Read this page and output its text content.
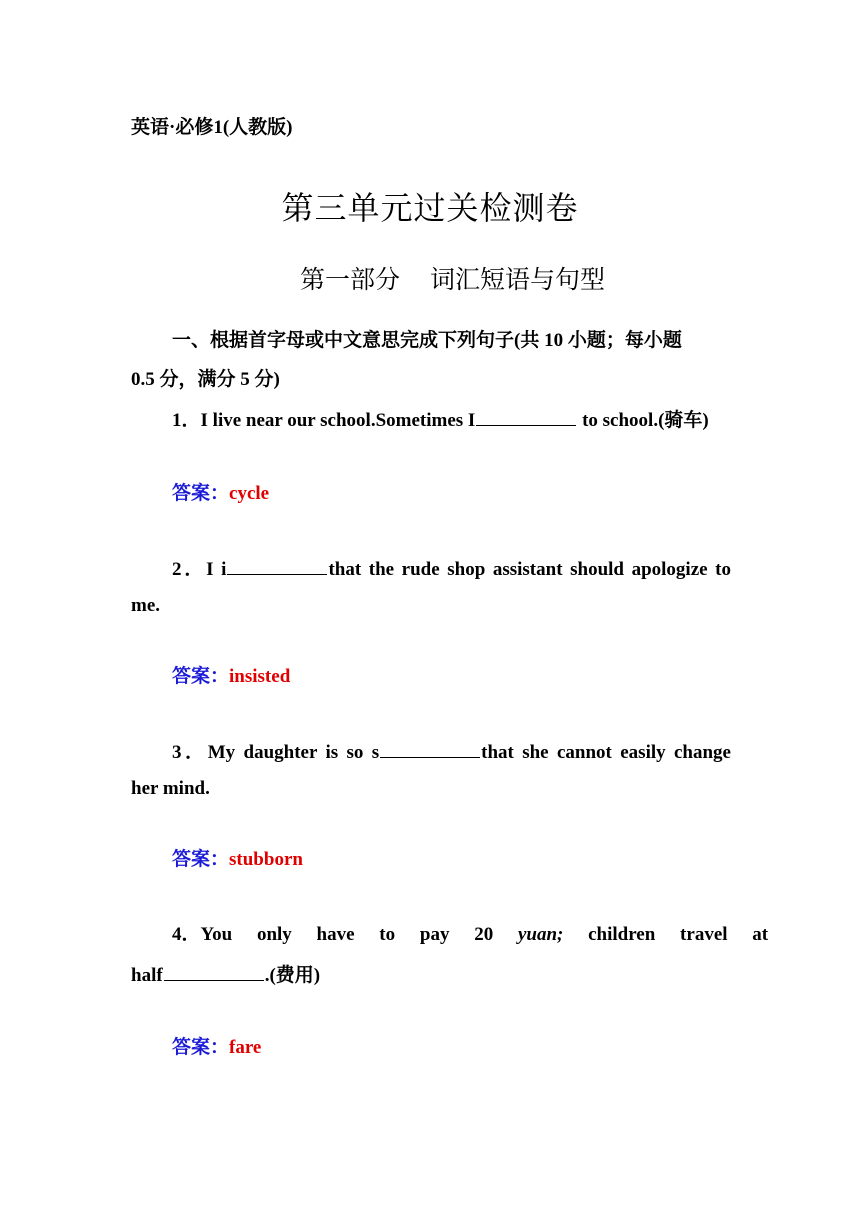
英语·必修1(人教版)
第三单元过关检测卷
第一部分 词汇短语与句型
一、根据首字母或中文意思完成下列句子(共 10 小题；每小题
0.5 分，满分 5 分)
1．I live near our school.Sometimes I	to school.(骑车)
答案：cycle
2．I i	that the rude shop assistant should apologize to
me.
答案：insisted
3．My daughter is so s	that she cannot easily change
her mind.
答案：stubborn
4．You only have to pay 20 yuan; children travel at
half	.(费用)
答案：fare
